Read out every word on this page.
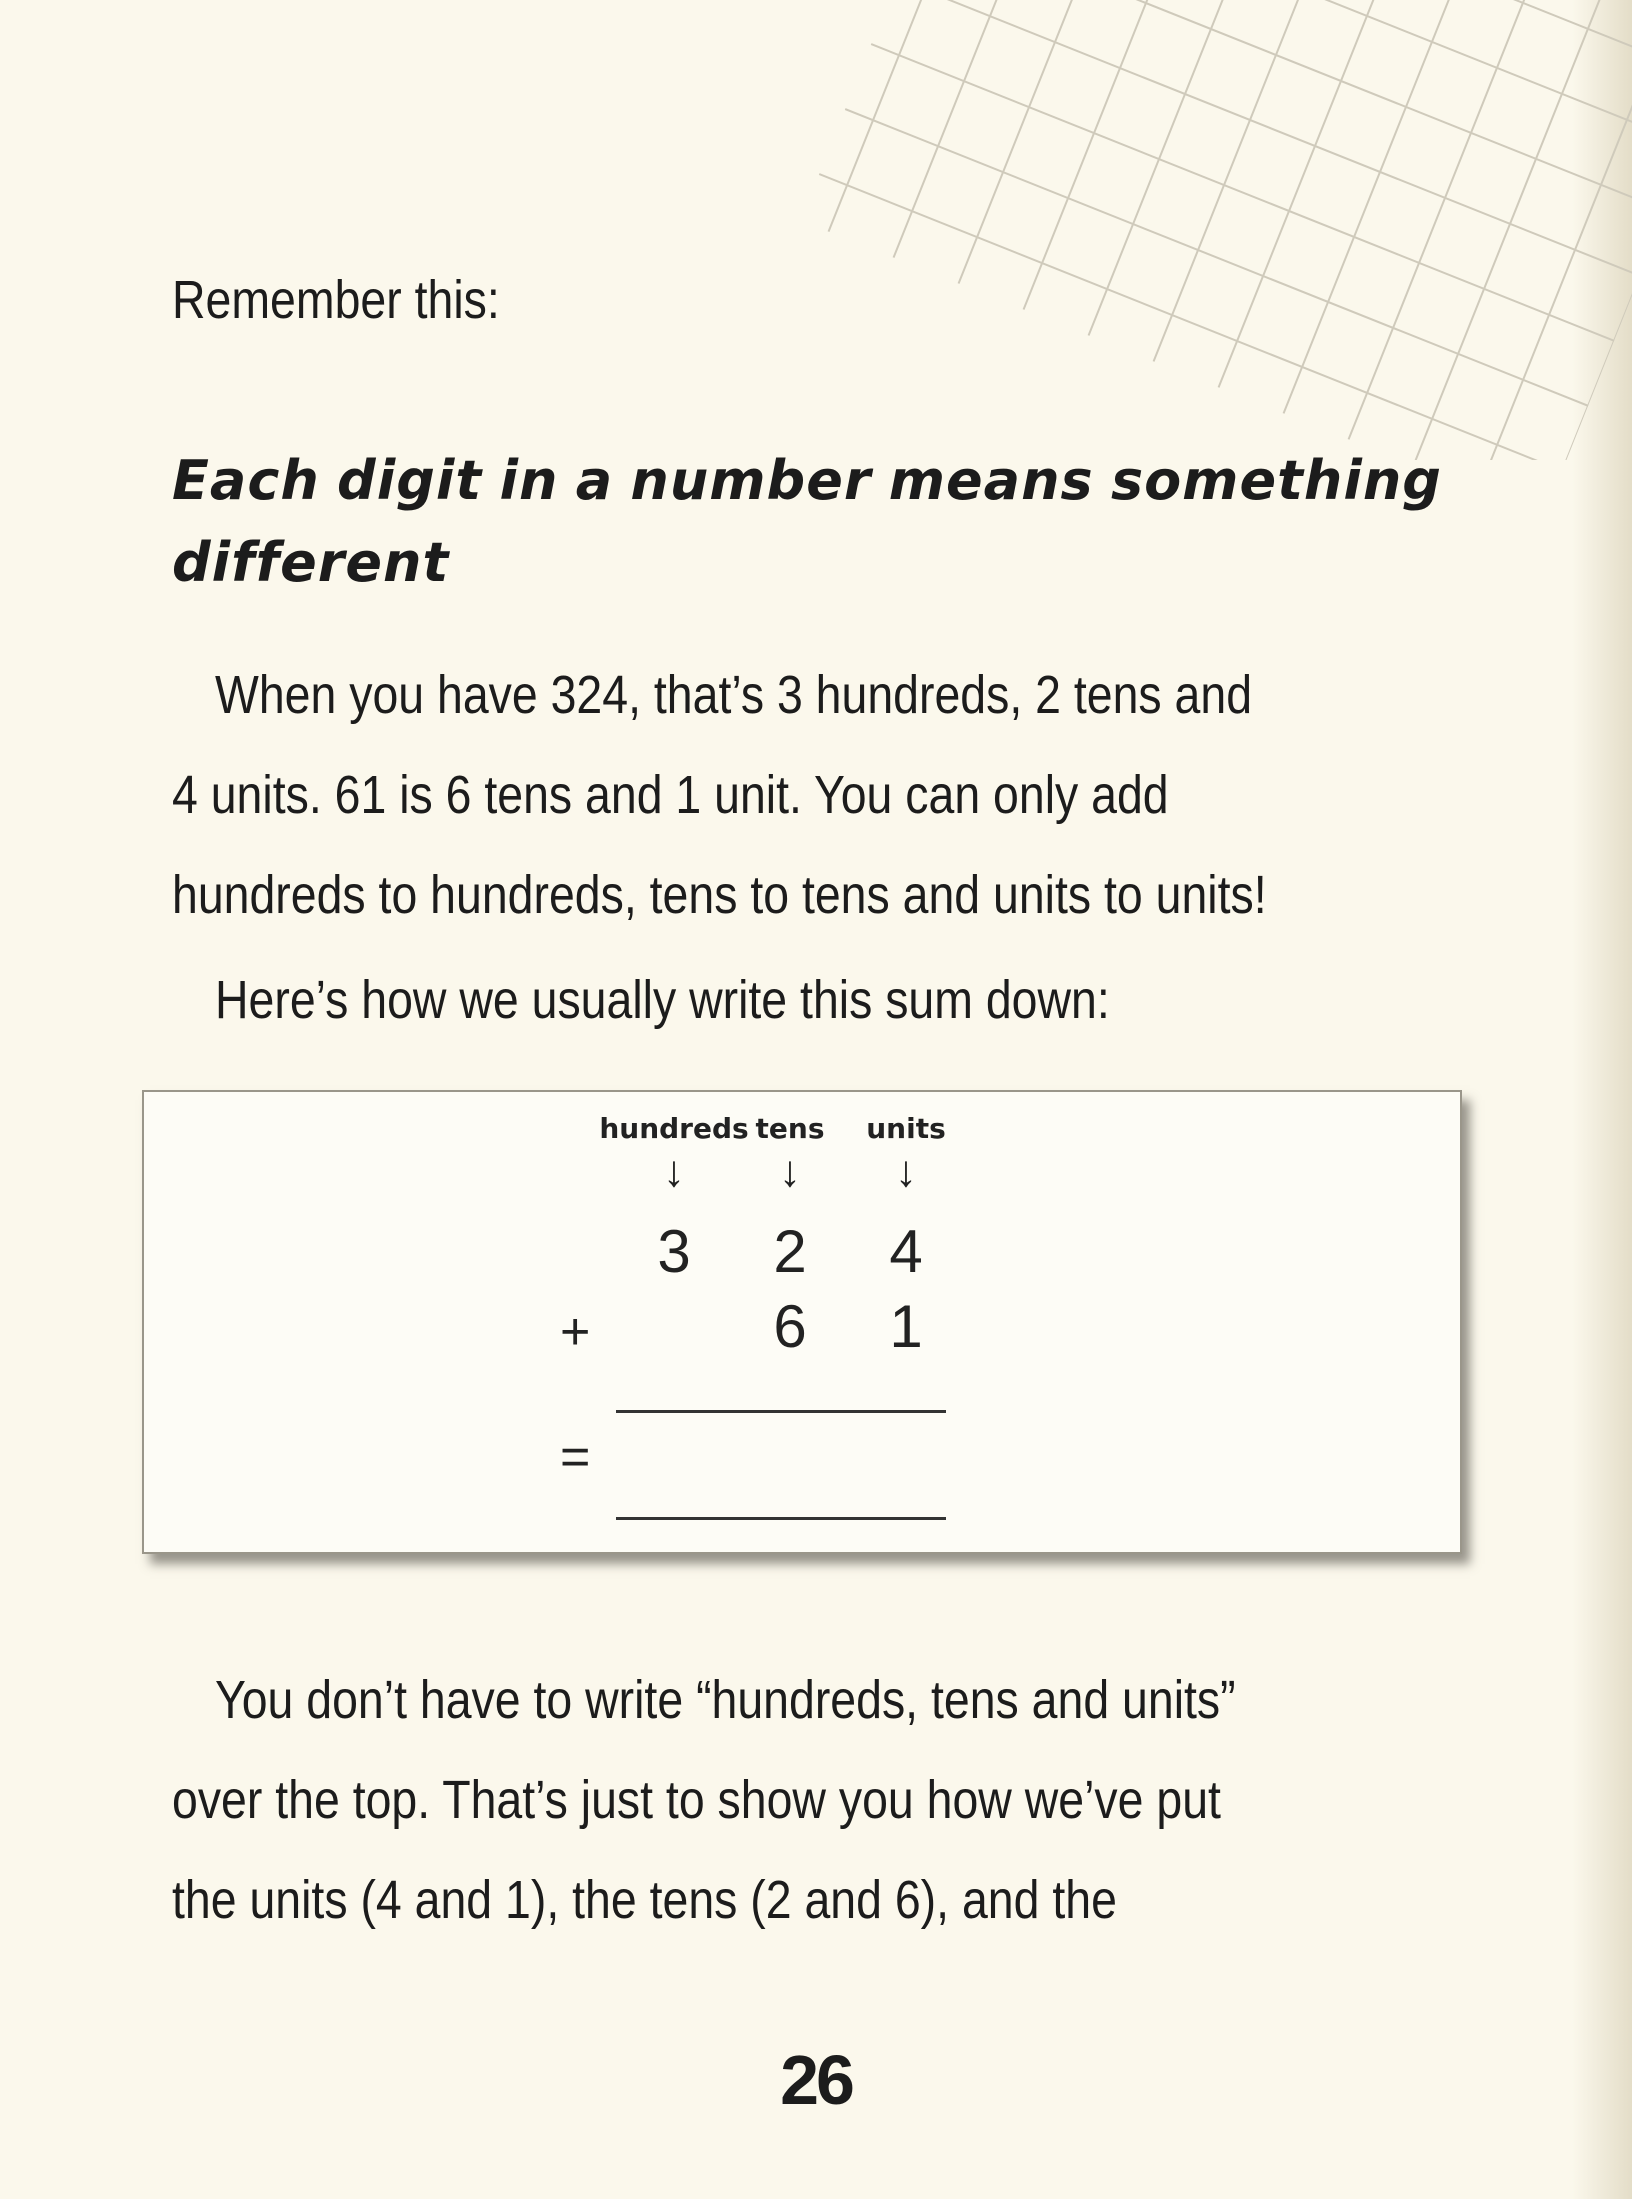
Remember this:
Each digit in a number means something
different
When you have 324, that’s 3 hundreds, 2 tens and
4 units. 61 is 6 tens and 1 unit. You can only add
hundreds to hundreds, tens to tens and units to units!
Here’s how we usually write this sum down:
hundreds tens units
↓ ↓ ↓
3 2 4
+	6 1
=
You don’t have to write “hundreds, tens and units”
over the top. That’s just to show you how we’ve put
the units (4 and 1), the tens (2 and 6), and the
26
